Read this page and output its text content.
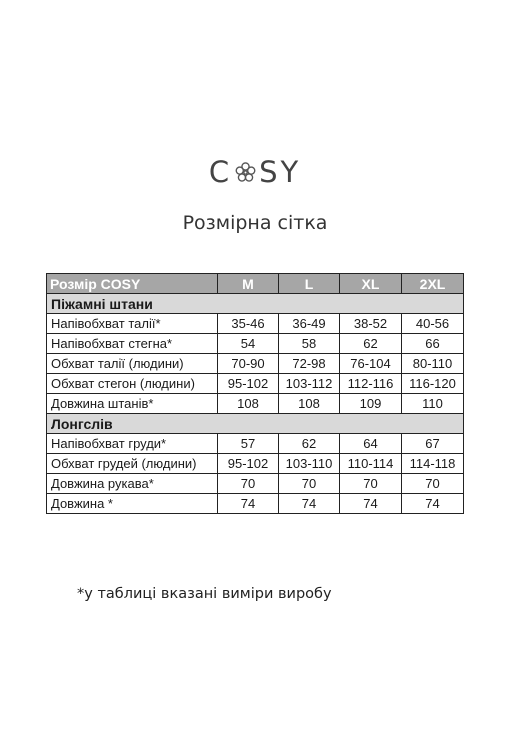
C SY
Розмірна сітка
Розмір COSY	M	L	XL	2XL
Піжамні штани				
Напівобхват талії*	35-46	36-49	38-52	40-56
Напівобхват стегна*	54	58	62	66
Обхват талії (людини)	70-90	72-98	76-104	80-110
Обхват стегон (людини)	95-102	103-112	112-116	116-120
Довжина штанів*	108	108	109	110
Лонгслів				
Напівобхват груди*	57	62	64	67
Обхват грудей (людини)	95-102	103-110	110-114	114-118
Довжина рукава*	70	70	70	70
Довжина *	74	74	74	74
*у таблиці вказані виміри виробу
